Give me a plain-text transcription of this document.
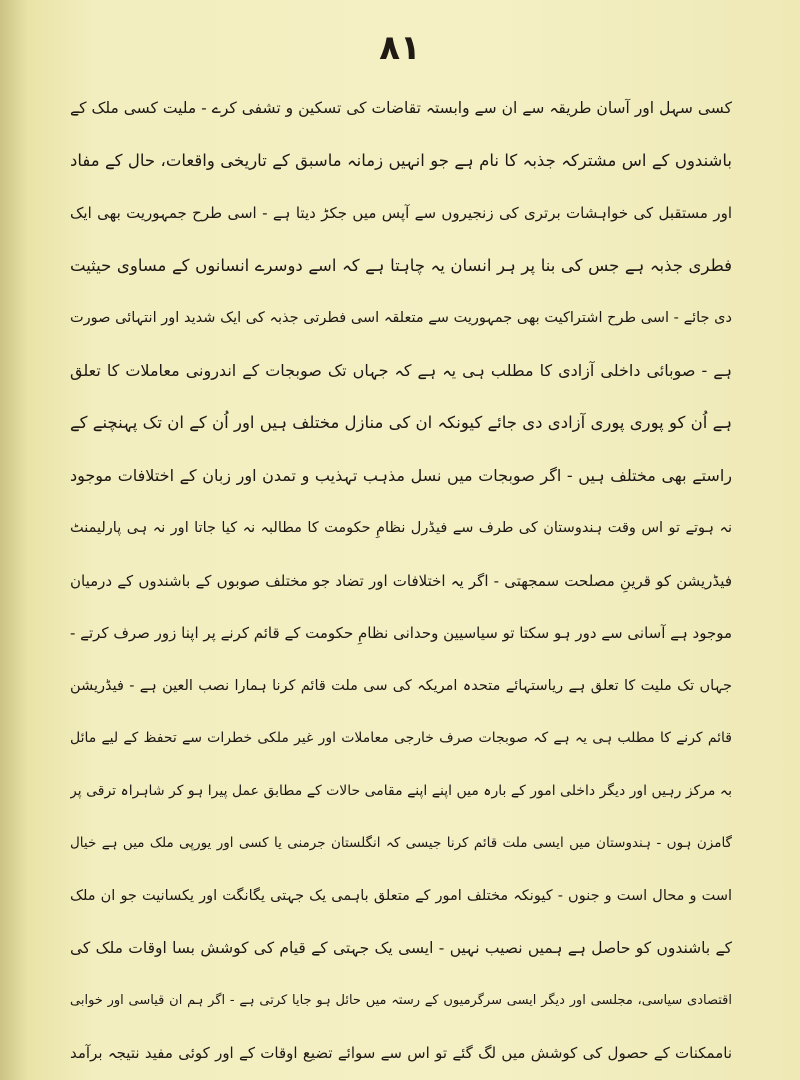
۸۱
کسی سہل اور آسان طریقہ سے ان سے وابستہ تقاضات کی تسکین و تشفی کرے - ملیت کسی ملک کے
باشندوں کے اس مشترکہ جذبہ کا نام ہے جو انہیں زمانہ ماسبق کے تاریخی واقعات، حال کے مفاد
اور مستقبل کی خواہشات برتری کی زنجیروں سے آپس میں جکڑ دیتا ہے - اسی طرح جمہوریت بھی ایک
فطری جذبہ ہے جس کی بنا پر ہر انسان یہ چاہتا ہے کہ اسے دوسرے انسانوں کے مساوی حیثیت
دی جائے - اسی طرح اشتراکیت بھی جمہوریت سے متعلقہ اسی فطرتی جذبہ کی ایک شدید اور انتہائی صورت
ہے - صوبائی داخلی آزادی کا مطلب ہی یہ ہے کہ جہاں تک صوبجات کے اندرونی معاملات کا تعلق
ہے اُن کو پوری پوری آزادی دی جائے کیونکہ ان کی منازل مختلف ہیں اور اُن کے ان تک پہنچنے کے
راستے بھی مختلف ہیں - اگر صوبجات میں نسل مذہب تہذیب و تمدن اور زبان کے اختلافات موجود
نہ ہوتے تو اس وقت ہندوستان کی طرف سے فیڈرل نظامِ حکومت کا مطالبہ نہ کیا جاتا اور نہ ہی پارلیمنٹ
فیڈریشن کو قرینِ مصلحت سمجھتی - اگر یہ اختلافات اور تضاد جو مختلف صوبوں کے باشندوں کے درمیان
موجود ہے آسانی سے دور ہو سکتا تو سیاسیین وحدانی نظامِ حکومت کے قائم کرنے پر اپنا زور صرف کرتے -
جہاں تک ملیت کا تعلق ہے ریاستہائے متحدہ امریکہ کی سی ملت قائم کرنا ہمارا نصب العین ہے - فیڈریشن
قائم کرنے کا مطلب ہی یہ ہے کہ صوبجات صرف خارجی معاملات اور غیر ملکی خطرات سے تحفظ کے لیے مائل
بہ مرکز رہیں اور دیگر داخلی امور کے بارہ میں اپنے اپنے مقامی حالات کے مطابق عمل پیرا ہو کر شاہراہ ترقی پر
گامزن ہوں - ہندوستان میں ایسی ملت قائم کرنا جیسی کہ انگلستان جرمنی یا کسی اور یورپی ملک میں ہے خیال
است و محال است و جنوں - کیونکہ مختلف امور کے متعلق باہمی یک جہتی یگانگت اور یکسانیت جو ان ملک
کے باشندوں کو حاصل ہے ہمیں نصیب نہیں - ایسی یک جہتی کے قیام کی کوشش بسا اوقات ملک کی
اقتصادی سیاسی، مجلسی اور دیگر ایسی سرگرمیوں کے رستہ میں حائل ہو جایا کرتی ہے - اگر ہم ان قیاسی اور خوابی
ناممکنات کے حصول کی کوشش میں لگ گئے تو اس سے سوائے تضیع اوقات کے اور کوئی مفید نتیجہ برآمد
